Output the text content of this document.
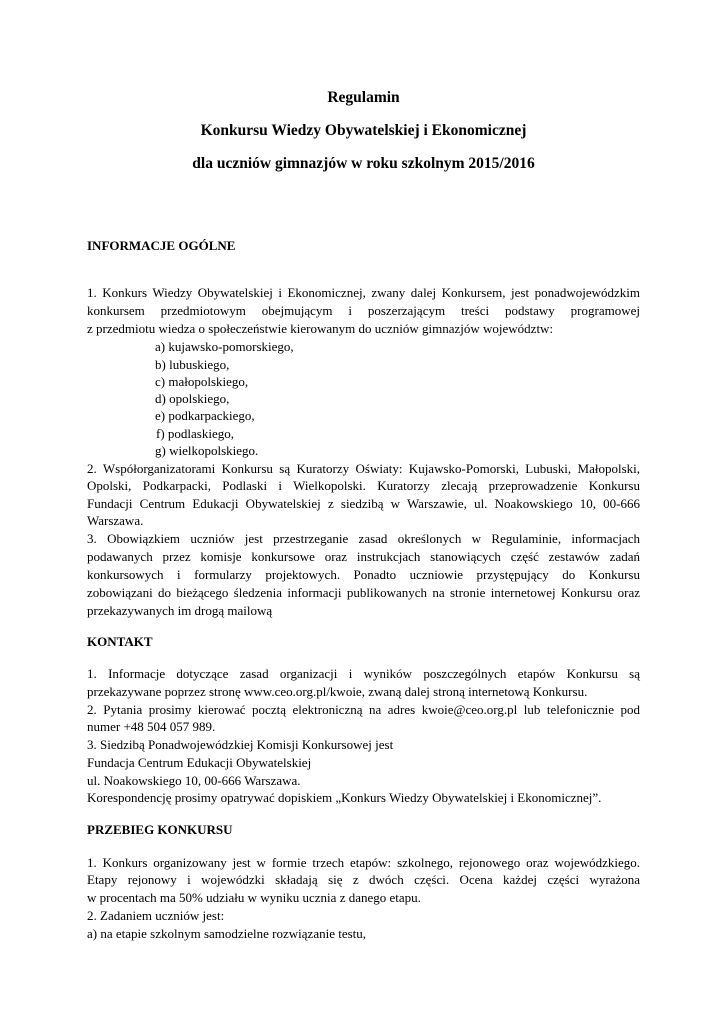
Regulamin
Konkursu Wiedzy Obywatelskiej i Ekonomicznej
dla uczniów gimnazjów w roku szkolnym 2015/2016
INFORMACJE OGÓLNE
1. Konkurs Wiedzy Obywatelskiej i Ekonomicznej, zwany dalej Konkursem, jest ponadwojewódzkim
konkursem przedmiotowym obejmującym i poszerzającym treści podstawy programowej
z przedmiotu wiedza o społeczeństwie kierowanym do uczniów gimnazjów województw:
a) kujawsko-pomorskiego,
b) lubuskiego,
c) małopolskiego,
d) opolskiego,
e) podkarpackiego,
f) podlaskiego,
g) wielkopolskiego.
2. Współorganizatorami Konkursu są Kuratorzy Oświaty: Kujawsko-Pomorski, Lubuski, Małopolski,
Opolski, Podkarpacki, Podlaski i Wielkopolski. Kuratorzy zlecają przeprowadzenie Konkursu
Fundacji Centrum Edukacji Obywatelskiej z siedzibą w Warszawie, ul. Noakowskiego 10, 00-666
Warszawa.
3. Obowiązkiem uczniów jest przestrzeganie zasad określonych w Regulaminie, informacjach
podawanych przez komisje konkursowe oraz instrukcjach stanowiących część zestawów zadań
konkursowych i formularzy projektowych. Ponadto uczniowie przystępujący do Konkursu
zobowiązani do bieżącego śledzenia informacji publikowanych na stronie internetowej Konkursu oraz
przekazywanych im drogą mailową
KONTAKT
1. Informacje dotyczące zasad organizacji i wyników poszczególnych etapów Konkursu są
przekazywane poprzez stronę www.ceo.org.pl/kwoie, zwaną dalej stroną internetową Konkursu.
2. Pytania prosimy kierować pocztą elektroniczną na adres kwoie@ceo.org.pl lub telefonicznie pod
numer +48 504 057 989.
3. Siedzibą Ponadwojewódzkiej Komisji Konkursowej jest
Fundacja Centrum Edukacji Obywatelskiej
ul. Noakowskiego 10, 00-666 Warszawa.
Korespondencję prosimy opatrywać dopiskiem „Konkurs Wiedzy Obywatelskiej i Ekonomicznej”.
PRZEBIEG KONKURSU
1. Konkurs organizowany jest w formie trzech etapów: szkolnego, rejonowego oraz wojewódzkiego.
Etapy rejonowy i wojewódzki składają się z dwóch części. Ocena każdej części wyrażona
w procentach ma 50% udziału w wyniku ucznia z danego etapu.
2. Zadaniem uczniów jest:
a) na etapie szkolnym samodzielne rozwiązanie testu,
